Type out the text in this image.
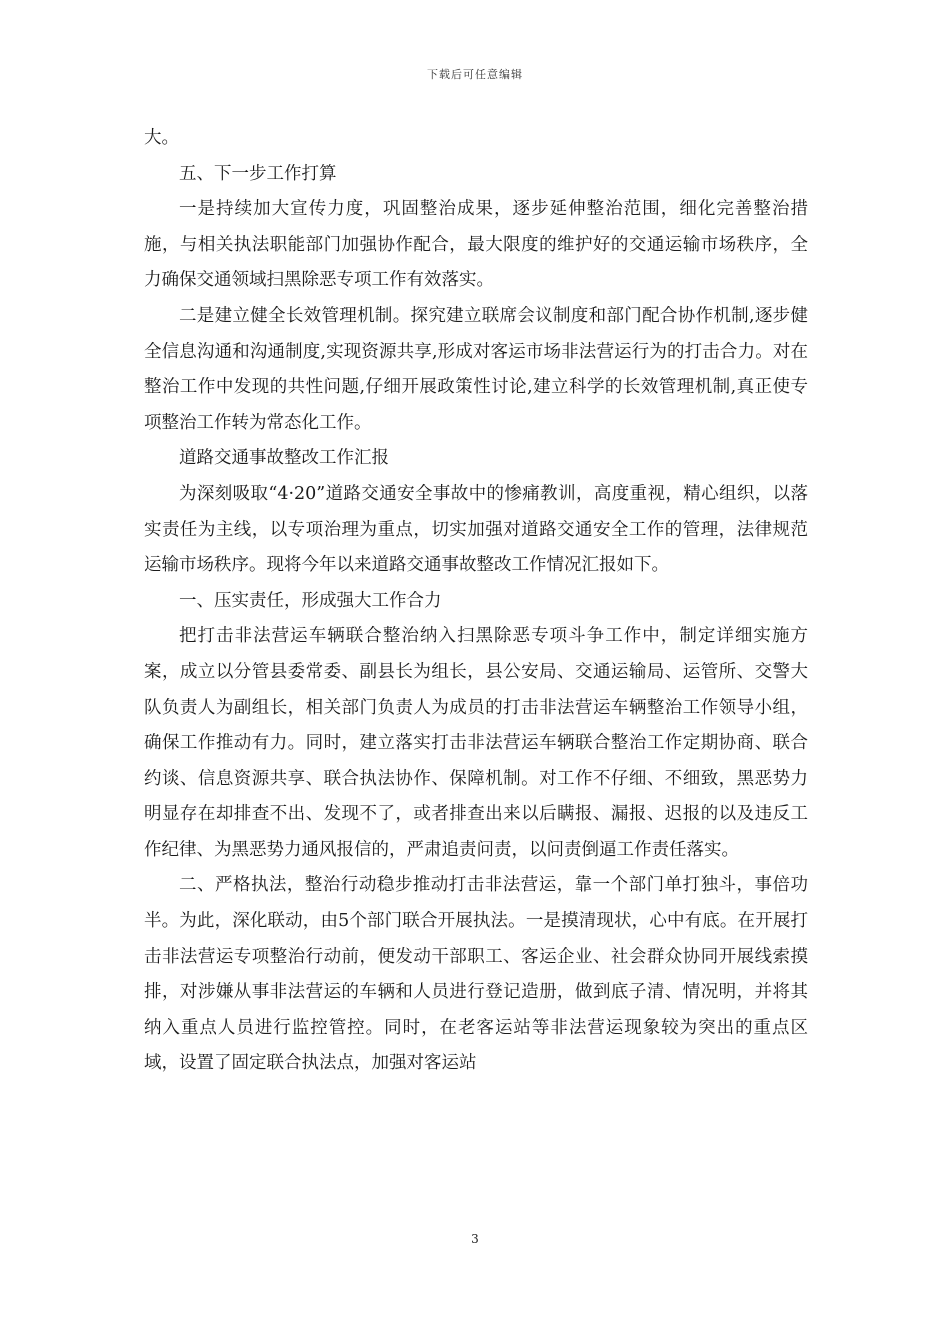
下载后可任意编辑

大。

五、下一步工作打算

一是持续加大宣传力度，巩固整治成果，逐步延伸整治范围，细化完善整治措施，与相关执法职能部门加强协作配合，最大限度的维护好的交通运输市场秩序，全力确保交通领域扫黑除恶专项工作有效落实。

二是建立健全长效管理机制。探究建立联席会议制度和部门配合协作机制,逐步健全信息沟通和沟通制度,实现资源共享,形成对客运市场非法营运行为的打击合力。对在整治工作中发现的共性问题,仔细开展政策性讨论,建立科学的长效管理机制,真正使专项整治工作转为常态化工作。

道路交通事故整改工作汇报

为深刻吸取“4·20”道路交通安全事故中的惨痛教训，高度重视，精心组织，以落实责任为主线，以专项治理为重点，切实加强对道路交通安全工作的管理，法律规范运输市场秩序。现将今年以来道路交通事故整改工作情况汇报如下。

一、压实责任，形成强大工作合力

把打击非法营运车辆联合整治纳入扫黑除恶专项斗争工作中，制定详细实施方案，成立以分管县委常委、副县长为组长，县公安局、交通运输局、运管所、交警大队负责人为副组长，相关部门负责人为成员的打击非法营运车辆整治工作领导小组，确保工作推动有力。同时，建立落实打击非法营运车辆联合整治工作定期协商、联合约谈、信息资源共享、联合执法协作、保障机制。对工作不仔细、不细致，黑恶势力明显存在却排查不出、发现不了，或者排查出来以后瞒报、漏报、迟报的以及违反工作纪律、为黑恶势力通风报信的，严肃追责问责，以问责倒逼工作责任落实。

二、严格执法，整治行动稳步推动打击非法营运，靠一个部门单打独斗，事倍功半。为此，深化联动，由5个部门联合开展执法。一是摸清现状，心中有底。在开展打击非法营运专项整治行动前，便发动干部职工、客运企业、社会群众协同开展线索摸排，对涉嫌从事非法营运的车辆和人员进行登记造册，做到底子清、情况明，并将其纳入重点人员进行监控管控。同时，在老客运站等非法营运现象较为突出的重点区域，设置了固定联合执法点，加强对客运站

3
